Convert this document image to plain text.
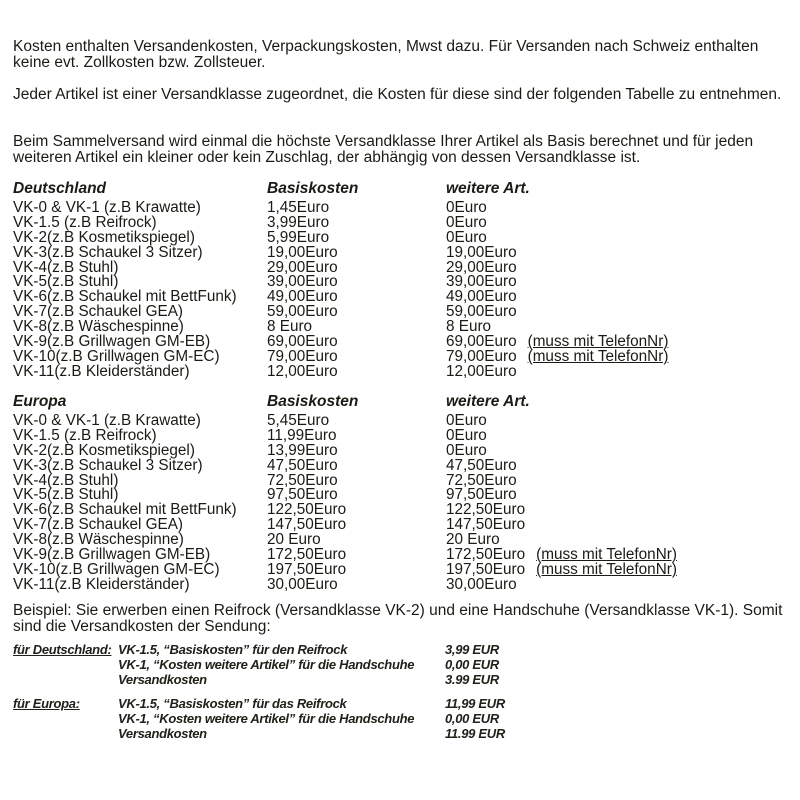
Kosten enthalten Versandenkosten, Verpackungskosten, Mwst dazu. Für Versanden nach Schweiz enthalten keine evt. Zollkosten bzw. Zollsteuer.

Jeder Artikel ist einer Versandklasse zugeordnet, die Kosten für diese sind der folgenden Tabelle zu entnehmen.

Beim Sammelversand wird einmal die höchste Versandklasse Ihrer Artikel als Basis berechnet und für jeden weiteren Artikel ein kleiner oder kein Zuschlag, der abhängig von dessen Versandklasse ist.

Deutschland	Basiskosten	weitere Art.
VK-0 & VK-1 (z.B Krawatte)	1,45Euro	0Euro
VK-1.5 (z.B Reifrock)	3,99Euro	0Euro
VK-2(z.B Kosmetikspiegel)	5,99Euro	0Euro
VK-3(z.B Schaukel 3 Sitzer)	19,00Euro	19,00Euro
VK-4(z.B Stuhl)	29,00Euro	29,00Euro
VK-5(z.B Stuhl)	39,00Euro	39,00Euro
VK-6(z.B Schaukel mit BettFunk)	49,00Euro	49,00Euro
VK-7(z.B Schaukel GEA)	59,00Euro	59,00Euro
VK-8(z.B Wäschespinne)	8 Euro	8 Euro
VK-9(z.B Grillwagen GM-EB)	69,00Euro	69,00Euro (muss mit TelefonNr)
VK-10(z.B Grillwagen GM-EC)	79,00Euro	79,00Euro (muss mit TelefonNr)
VK-11(z.B Kleiderständer)	12,00Euro	12,00Euro
Europa	Basiskosten	weitere Art.
VK-0 & VK-1 (z.B Krawatte)	5,45Euro	0Euro
VK-1.5 (z.B Reifrock)	11,99Euro	0Euro
VK-2(z.B Kosmetikspiegel)	13,99Euro	0Euro
VK-3(z.B Schaukel 3 Sitzer)	47,50Euro	47,50Euro
VK-4(z.B Stuhl)	72,50Euro	72,50Euro
VK-5(z.B Stuhl)	97,50Euro	97,50Euro
VK-6(z.B Schaukel mit BettFunk)	122,50Euro	122,50Euro
VK-7(z.B Schaukel GEA)	147,50Euro	147,50Euro
VK-8(z.B Wäschespinne)	20 Euro	20 Euro
VK-9(z.B Grillwagen GM-EB)	172,50Euro	172,50Euro (muss mit TelefonNr)
VK-10(z.B Grillwagen GM-EC)	197,50Euro	197,50Euro (muss mit TelefonNr)
VK-11(z.B Kleiderständer)	30,00Euro	30,00Euro

Beispiel: Sie erwerben einen Reifrock (Versandklasse VK-2) und eine Handschuhe (Versandklasse VK-1). Somit sind die Versandkosten der Sendung:

für Deutschland: VK-1.5, “Basiskosten” für den Reifrock	3,99 EUR
VK-1, “Kosten weitere Artikel” für die Handschuhe	0,00 EUR
Versandkosten	3.99 EUR
für Europa:	VK-1.5, “Basiskosten” für das Reifrock	11,99 EUR
VK-1, “Kosten weitere Artikel” für die Handschuhe	0,00 EUR
Versandkosten	11.99 EUR
